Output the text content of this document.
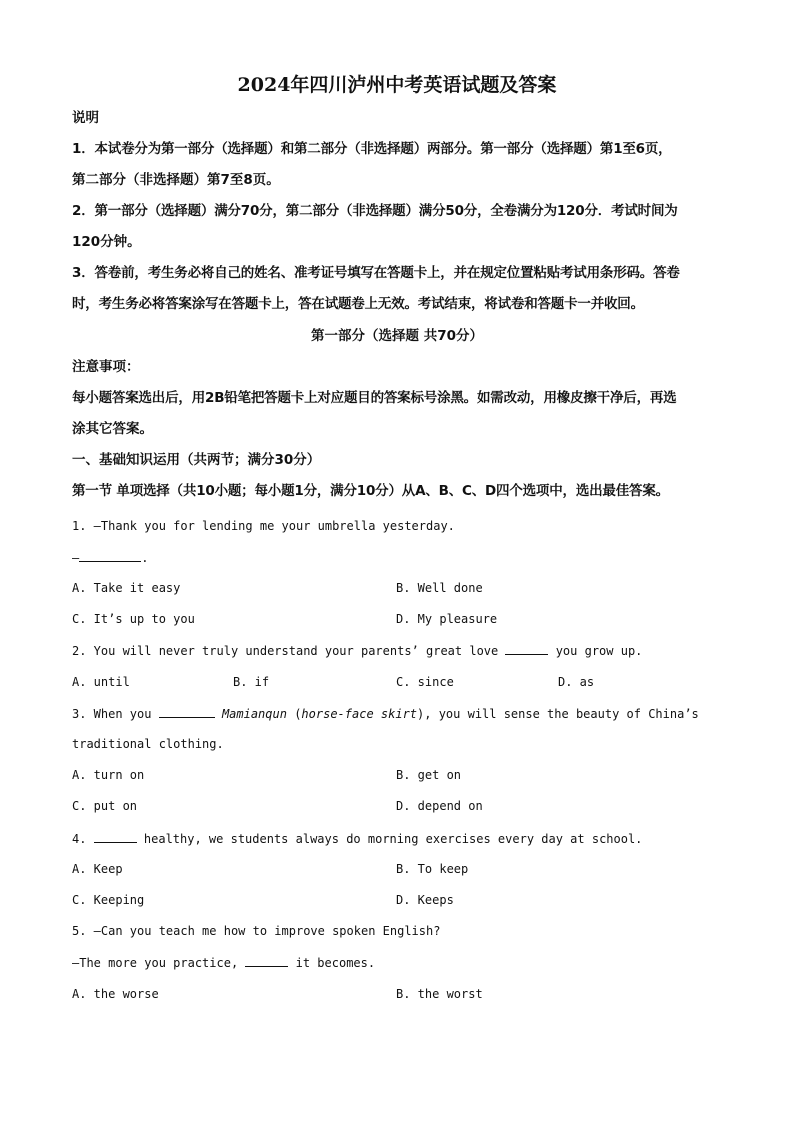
2024年四川泸州中考英语试题及答案
说明
1．本试卷分为第一部分（选择题）和第二部分（非选择题）两部分。第一部分（选择题）第1至6页，
第二部分（非选择题）第7至8页。
2．第一部分（选择题）满分70分，第二部分（非选择题）满分50分，全卷满分为120分．考试时间为
120分钟。
3．答卷前，考生务必将自己的姓名、准考证号填写在答题卡上，并在规定位置粘贴考试用条形码。答卷
时，考生务必将答案涂写在答题卡上，答在试题卷上无效。考试结束，将试卷和答题卡一并收回。
第一部分（选择题 共70分）
注意事项：
每小题答案选出后，用2B铅笔把答题卡上对应题目的答案标号涂黑。如需改动，用橡皮擦干净后，再选
涂其它答案。
一、基础知识运用（共两节；满分30分）
第一节 单项选择（共10小题；每小题1分，满分10分）从A、B、C、D四个选项中，选出最佳答案。
1. —Thank you for lending me your umbrella yesterday.
—	.
A. Take it easy	B. Well done
C. It’s up to you	D. My pleasure
2. You will never truly understand your parents’ great love	you grow up.
A. until	B. if	C. since	D. as
3. When you	Mamianqun (horse-face skirt), you will sense the beauty of China’s
traditional clothing.
A. turn on	B. get on
C. put on	D. depend on
4.	healthy, we students always do morning exercises every day at school.
A. Keep	B. To keep
C. Keeping	D. Keeps
5. —Can you teach me how to improve spoken English?
—The more you practice,	it becomes.
A. the worse	B. the worst
